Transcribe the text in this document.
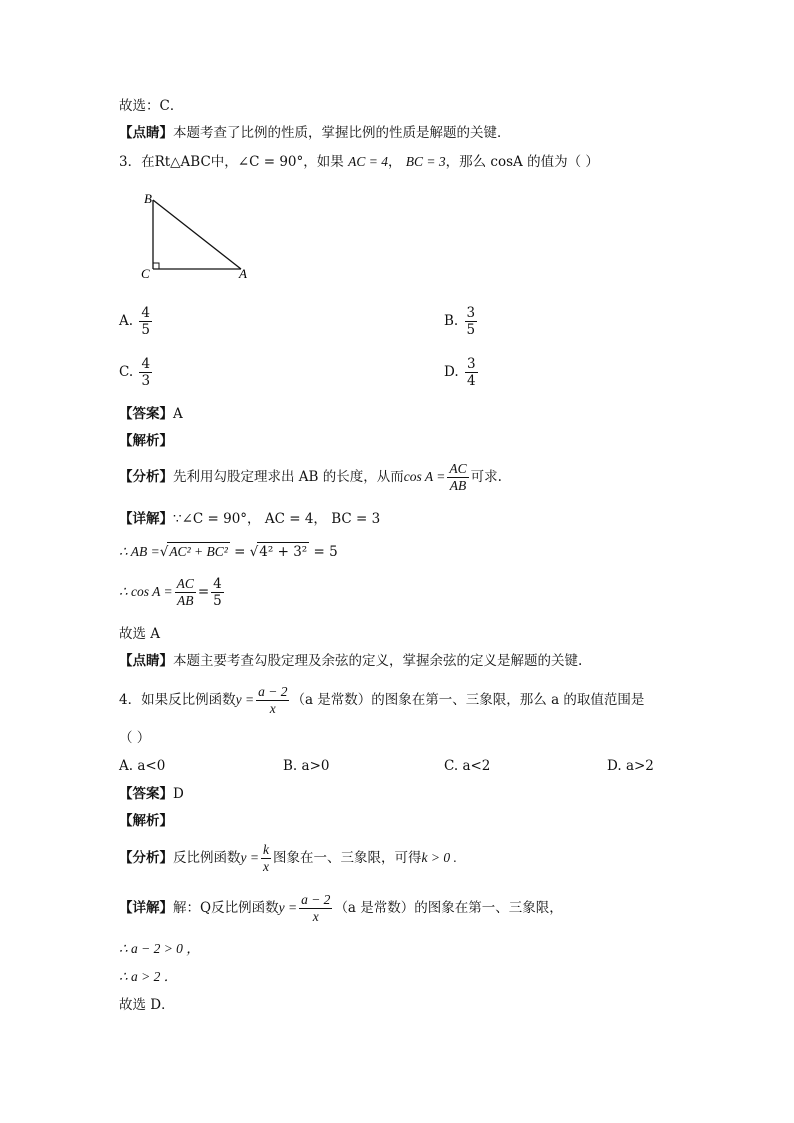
故选：C．
【点睛】本题考查了比例的性质，掌握比例的性质是解题的关键．
3．在Rt△ABC中，∠C = 90°，如果 AC = 4， BC = 3，那么 cosA 的值为（ ）
B
C	A
A. $\frac{4}{5}$	B. $\frac{3}{5}$
C. $\frac{4}{3}$	D. $\frac{3}{4}$
【答案】A
【解析】
【分析】先利用勾股定理求出 AB 的长度，从而$\cos A = \frac{AC}{AB}$ 可求.
【详解】∵∠C = 90°， AC = 4， BC = 3
∴ AB =√AC² + BC² = √4² + 3² = 5
∴ $\cos A = \frac{AC}{AB} = \frac{4}{5}$
故选 A
【点睛】本题主要考查勾股定理及余弦的定义，掌握余弦的定义是解题的关键.
4．如果反比例函数$y = \frac{a - 2}{x} (a$ 是常数）的图象在第一、三象限，那么 a 的取值范围是
（ ）
A. a<0	B. a>0	C. a<2	D. a>2
【答案】D
【解析】
【分析】反比例函数$y = \frac{k}{x}$ 图象在一、三象限，可得k > 0 .
【详解】解：Q反比例函数$y = \frac{a - 2}{x} (a$ 是常数）的图象在第一、三象限，
∴ a − 2 > 0 ，
∴ a > 2 ．
故选 D．
